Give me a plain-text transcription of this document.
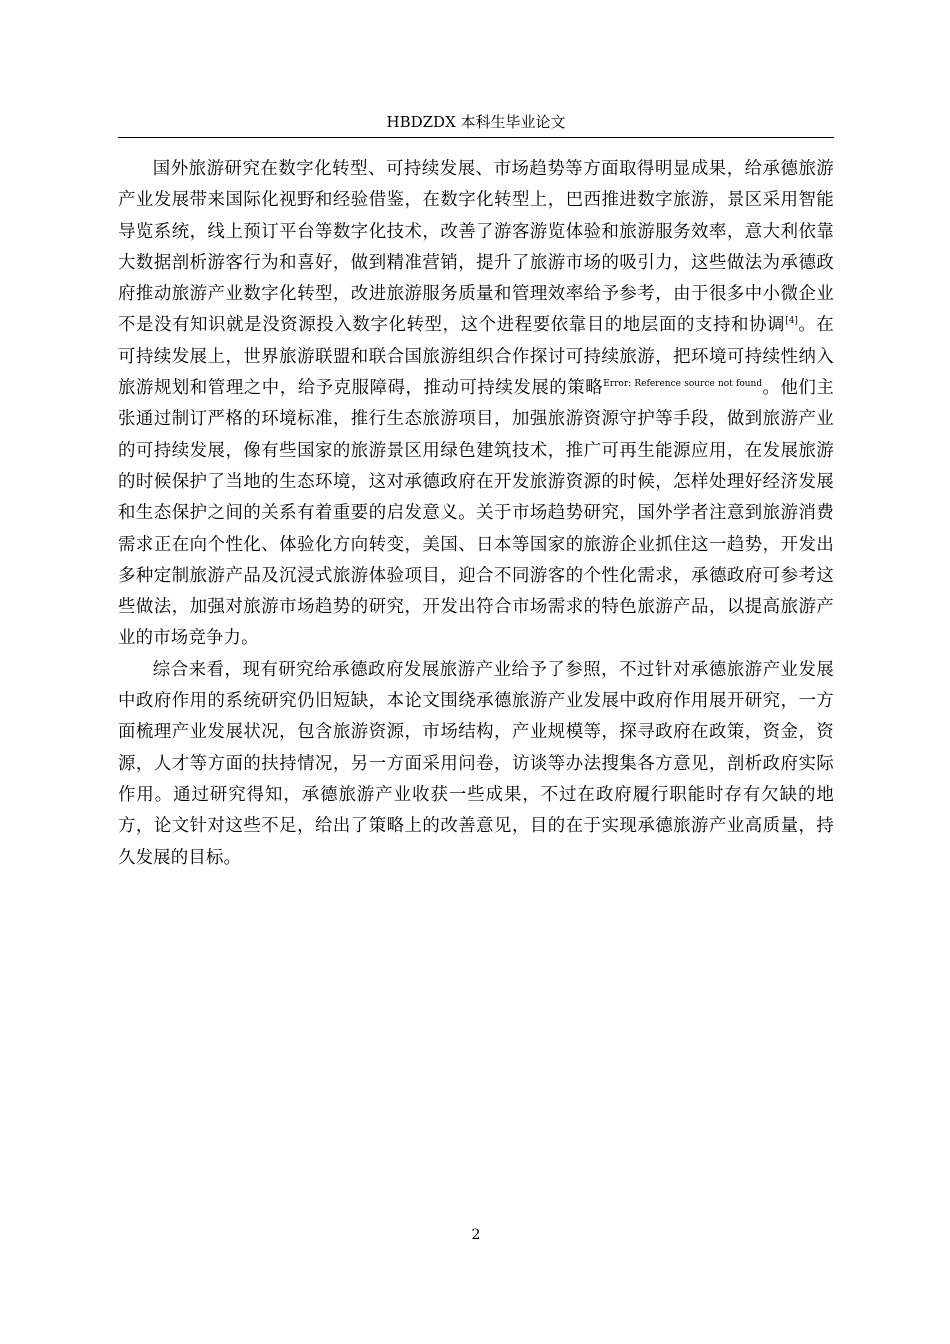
HBDZDX 本科生毕业论文

国外旅游研究在数字化转型、可持续发展、市场趋势等方面取得明显成果，给承德旅游产业发展带来国际化视野和经验借鉴，在数字化转型上，巴西推进数字旅游，景区采用智能导览系统，线上预订平台等数字化技术，改善了游客游览体验和旅游服务效率，意大利依靠大数据剖析游客行为和喜好，做到精准营销，提升了旅游市场的吸引力，这些做法为承德政府推动旅游产业数字化转型，改进旅游服务质量和管理效率给予参考，由于很多中小微企业不是没有知识就是没资源投入数字化转型，这个进程要依靠目的地层面的支持和协调[4]。在可持续发展上，世界旅游联盟和联合国旅游组织合作探讨可持续旅游，把环境可持续性纳入旅游规划和管理之中，给予克服障碍，推动可持续发展的策略$^{Error: Reference source not found}$。他们主张通过制订严格的环境标准，推行生态旅游项目，加强旅游资源守护等手段，做到旅游产业的可持续发展，像有些国家的旅游景区用绿色建筑技术，推广可再生能源应用，在发展旅游的时候保护了当地的生态环境，这对承德政府在开发旅游资源的时候，怎样处理好经济发展和生态保护之间的关系有着重要的启发意义。关于市场趋势研究，国外学者注意到旅游消费需求正在向个性化、体验化方向转变，美国、日本等国家的旅游企业抓住这一趋势，开发出多种定制旅游产品及沉浸式旅游体验项目，迎合不同游客的个性化需求，承德政府可参考这些做法，加强对旅游市场趋势的研究，开发出符合市场需求的特色旅游产品，以提高旅游产业的市场竞争力。

综合来看，现有研究给承德政府发展旅游产业给予了参照，不过针对承德旅游产业发展中政府作用的系统研究仍旧短缺，本论文围绕承德旅游产业发展中政府作用展开研究，一方面梳理产业发展状况，包含旅游资源，市场结构，产业规模等，探寻政府在政策，资金，资源，人才等方面的扶持情况，另一方面采用问卷，访谈等办法搜集各方意见，剖析政府实际作用。通过研究得知，承德旅游产业收获一些成果，不过在政府履行职能时存有欠缺的地方，论文针对这些不足，给出了策略上的改善意见，目的在于实现承德旅游产业高质量，持久发展的目标。

2
